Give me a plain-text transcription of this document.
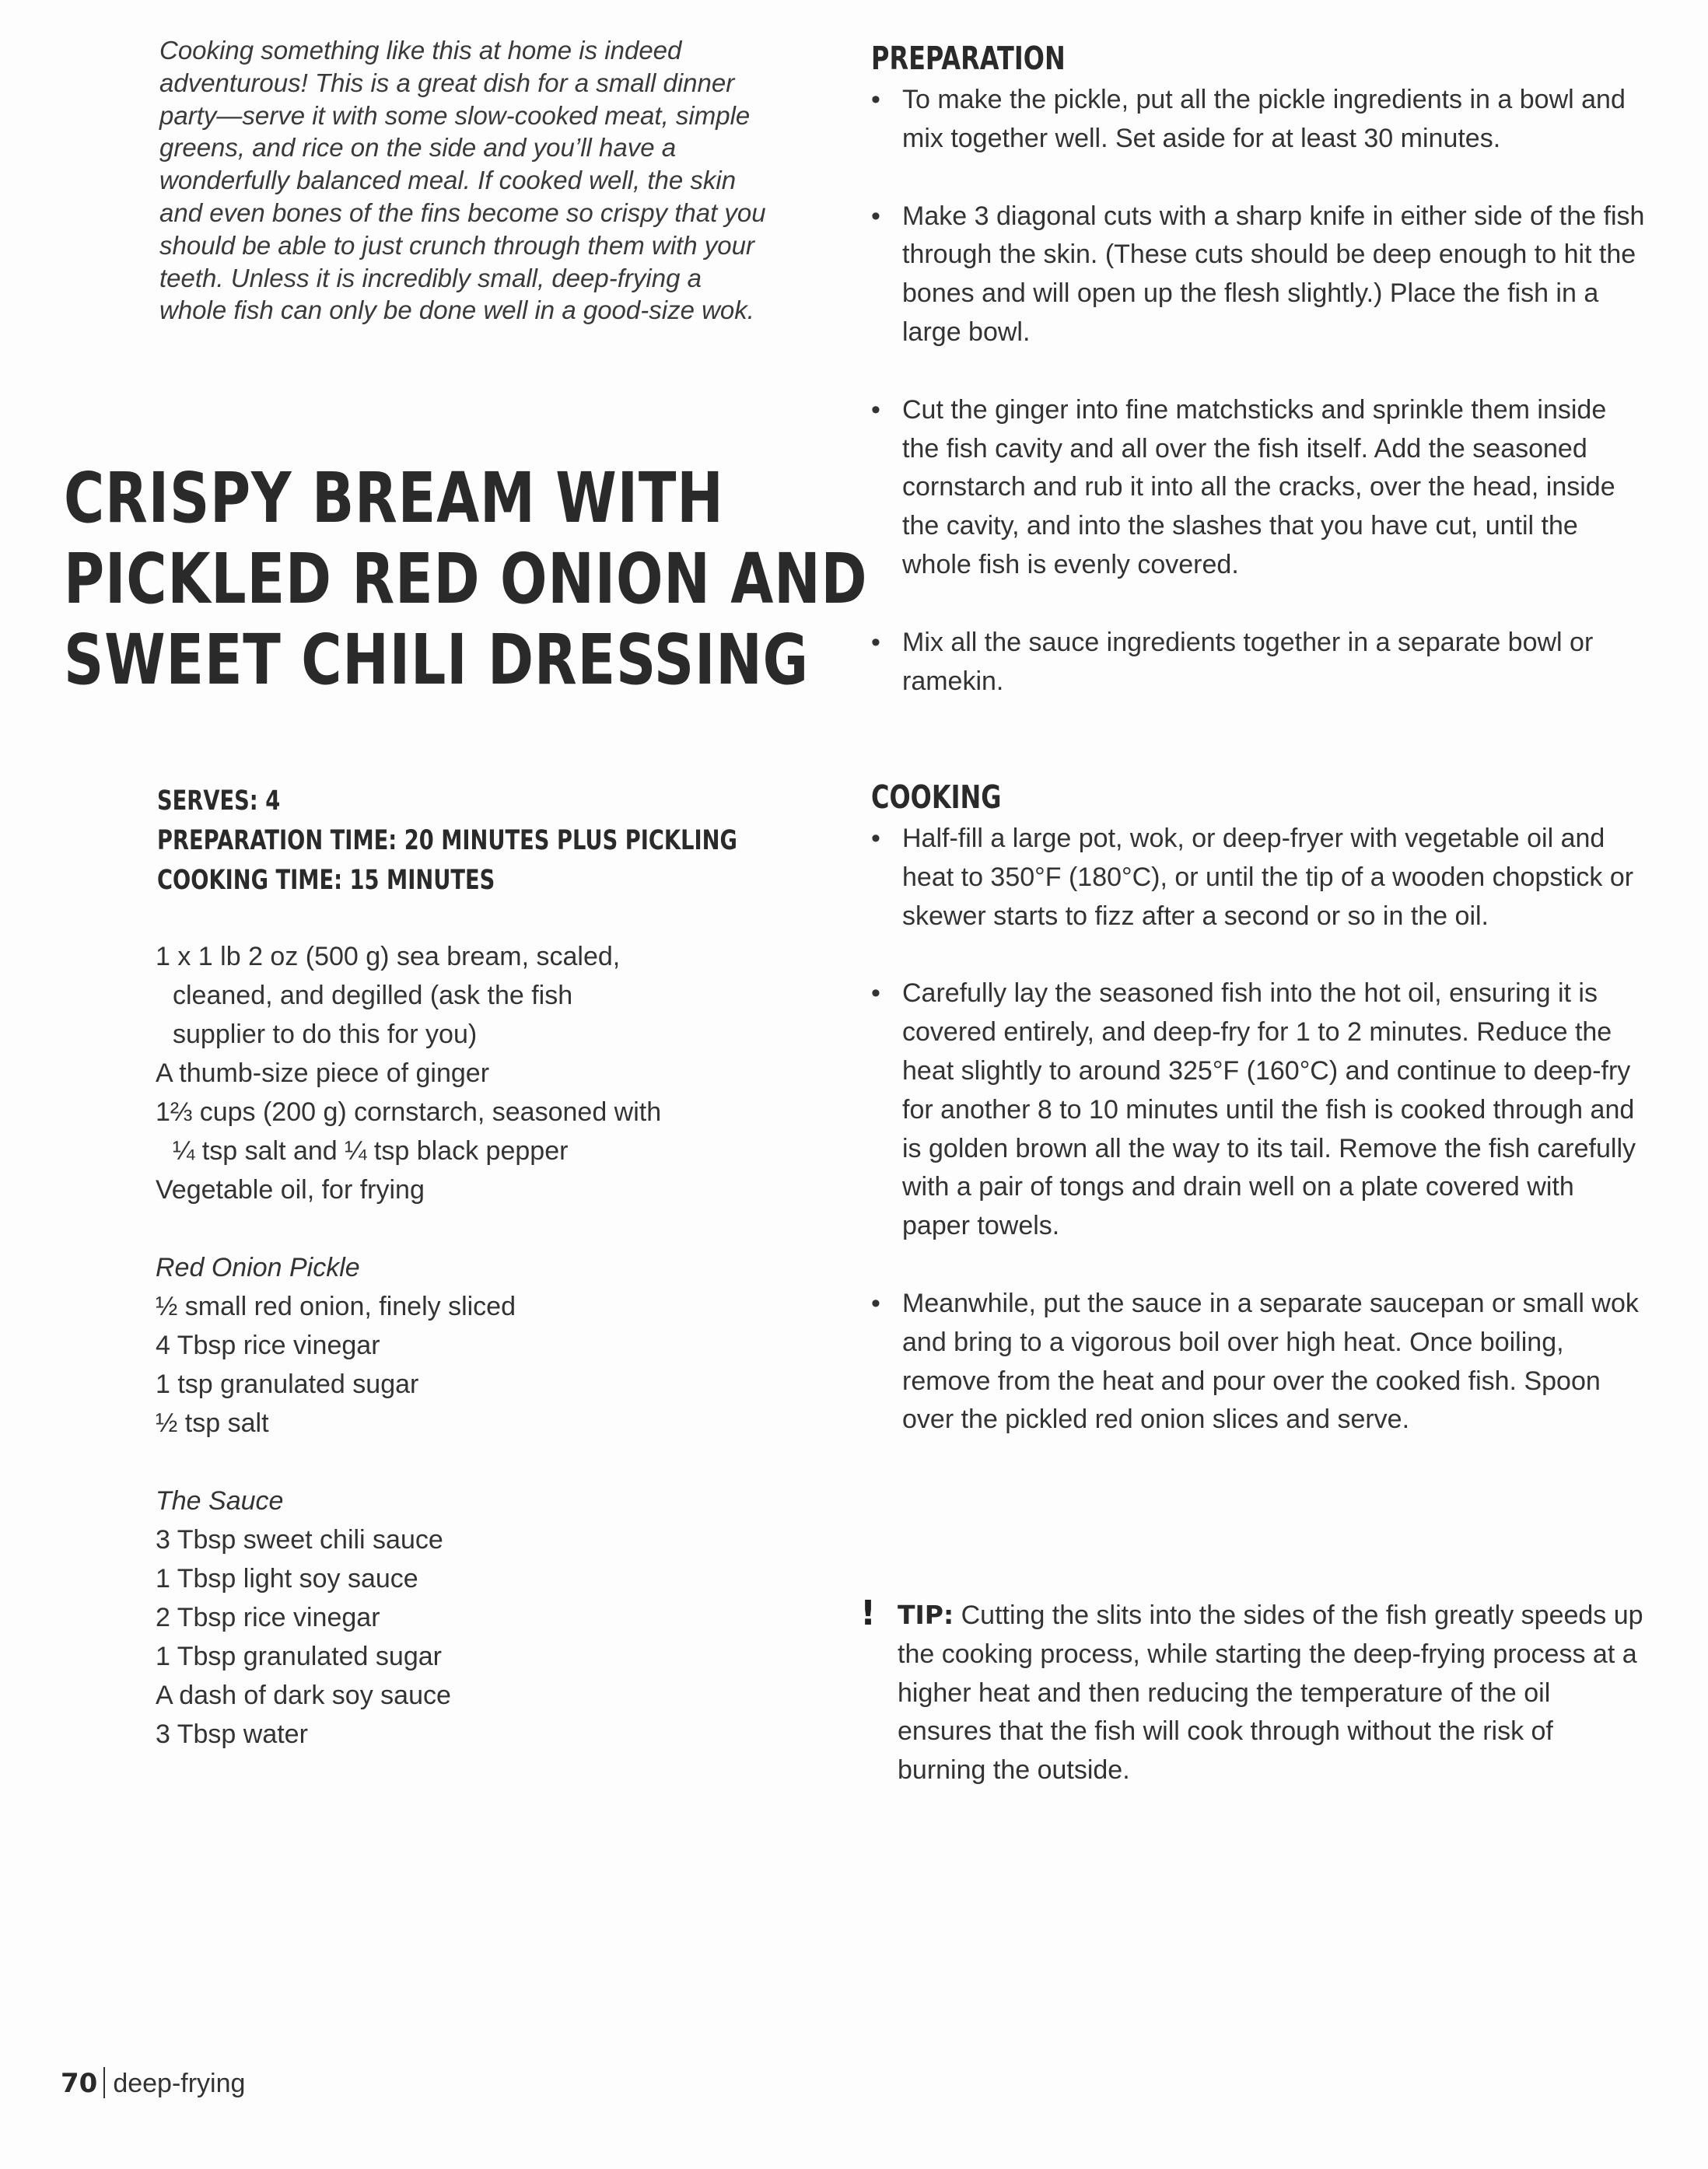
Cooking something like this at home is indeed adventurous! This is a great dish for a small dinner party—serve it with some slow-cooked meat, simple greens, and rice on the side and you’ll have a wonderfully balanced meal. If cooked well, the skin and even bones of the fins become so crispy that you should be able to just crunch through them with your teeth. Unless it is incredibly small, deep-frying a whole fish can only be done well in a good-size wok.

CRISPY BREAM WITH
PICKLED RED ONION AND
SWEET CHILI DRESSING
SERVES: 4
PREPARATION TIME: 20 MINUTES PLUS PICKLING
COOKING TIME: 15 MINUTES
1 x 1 lb 2 oz (500 g) sea bream, scaled,
cleaned, and degilled (ask the fish
supplier to do this for you)
A thumb-size piece of ginger
1⅔ cups (200 g) cornstarch, seasoned with
¼ tsp salt and ¼ tsp black pepper
Vegetable oil, for frying
Red Onion Pickle
½ small red onion, finely sliced
4 Tbsp rice vinegar
1 tsp granulated sugar
½ tsp salt
The Sauce
3 Tbsp sweet chili sauce
1 Tbsp light soy sauce
2 Tbsp rice vinegar
1 Tbsp granulated sugar
A dash of dark soy sauce
3 Tbsp water
PREPARATION
• To make the pickle, put all the pickle ingredients in a bowl and mix together well. Set aside for at least 30 minutes.
• Make 3 diagonal cuts with a sharp knife in either side of the fish through the skin. (These cuts should be deep enough to hit the bones and will open up the flesh slightly.) Place the fish in a large bowl.
• Cut the ginger into fine matchsticks and sprinkle them inside the fish cavity and all over the fish itself. Add the seasoned cornstarch and rub it into all the cracks, over the head, inside the cavity, and into the slashes that you have cut, until the whole fish is evenly covered.
• Mix all the sauce ingredients together in a separate bowl or ramekin.
COOKING
• Half-fill a large pot, wok, or deep-fryer with vegetable oil and heat to 350°F (180°C), or until the tip of a wooden chopstick or skewer starts to fizz after a second or so in the oil.
• Carefully lay the seasoned fish into the hot oil, ensuring it is covered entirely, and deep-fry for 1 to 2 minutes. Reduce the heat slightly to around 325°F (160°C) and continue to deep-fry for another 8 to 10 minutes until the fish is cooked through and is golden brown all the way to its tail. Remove the fish carefully with a pair of tongs and drain well on a plate covered with paper towels.
• Meanwhile, put the sauce in a separate saucepan or small wok and bring to a vigorous boil over high heat. Once boiling, remove from the heat and pour over the cooked fish. Spoon over the pickled red onion slices and serve.
! TIP: Cutting the slits into the sides of the fish greatly speeds up the cooking process, while starting the deep-frying process at a higher heat and then reducing the temperature of the oil ensures that the fish will cook through without the risk of burning the outside.
70 deep-frying
